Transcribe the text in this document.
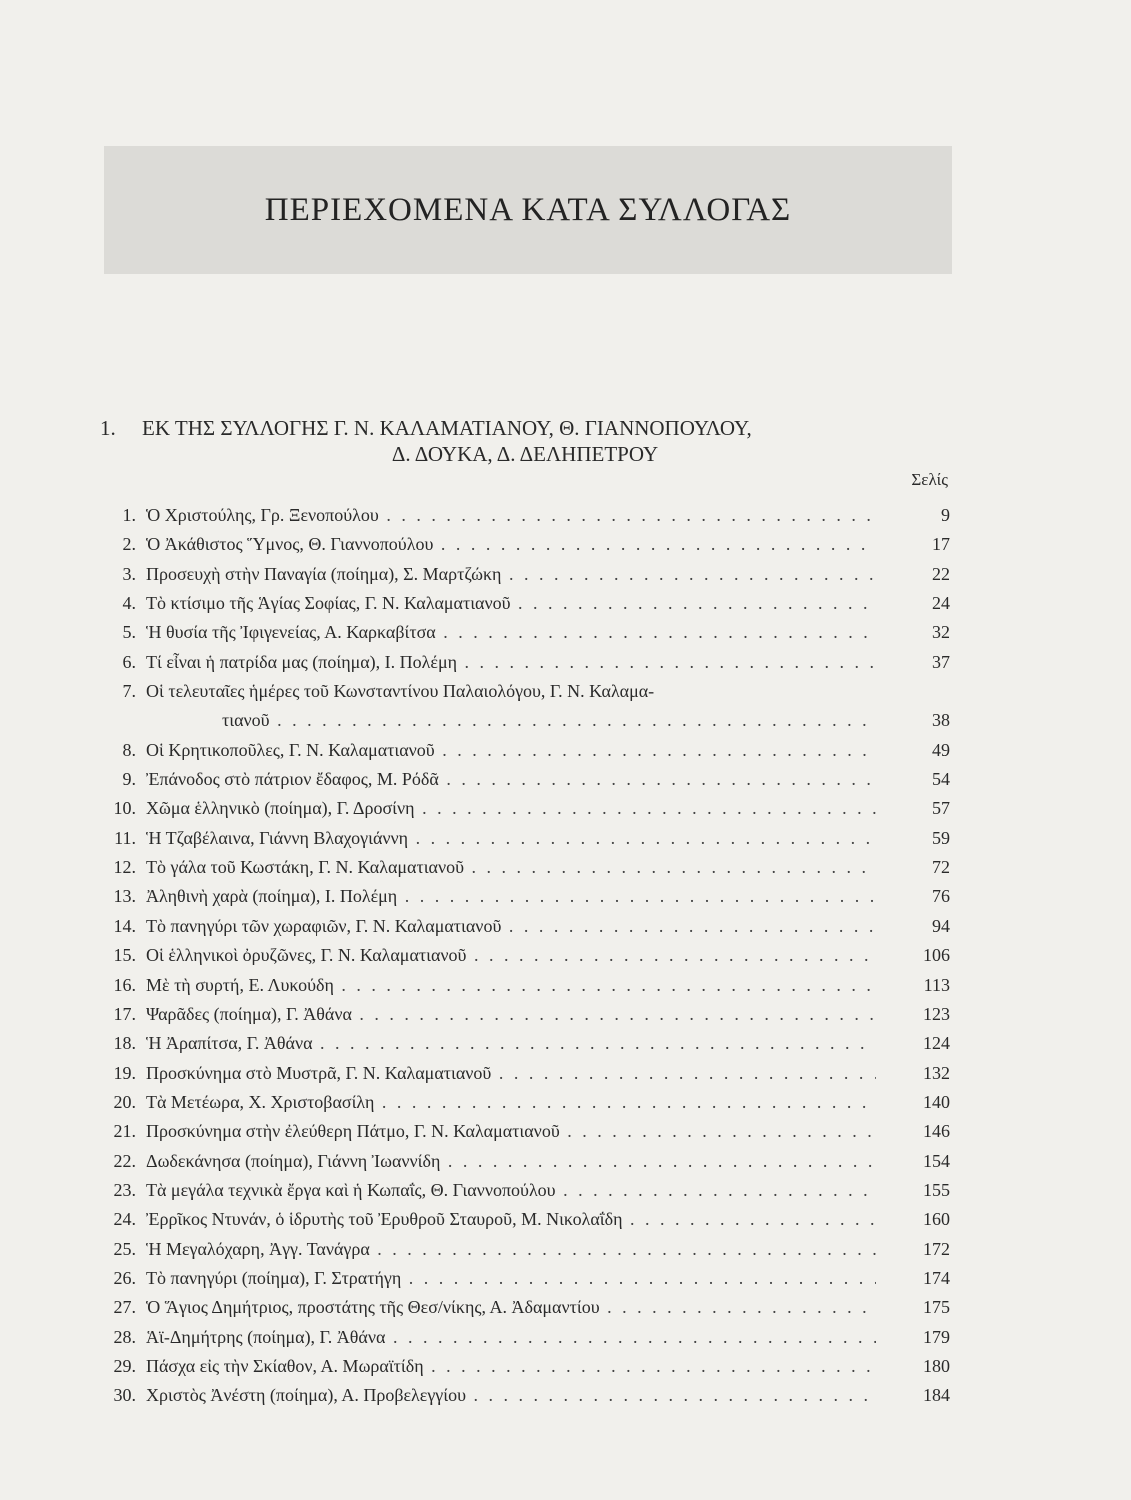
ΠΕΡΙΕΧΟΜΕΝΑ ΚΑΤΑ ΣΥΛΛΟΓΑΣ
1. ΕΚ ΤΗΣ ΣΥΛΛΟΓΗΣ Γ. Ν. ΚΑΛΑΜΑΤΙΑΝΟΥ, Θ. ΓΙΑΝΝΟΠΟΥΛΟΥ,
Δ. ΔΟΥΚΑ, Δ. ΔΕΛΗΠΕΤΡΟΥ
Σελίς
1. Ὁ Χριστούλης, Γρ. Ξενοπούλου . . .	9
2. Ὁ Ἀκάθιστος Ὕμνος, Θ. Γιαννοπούλου . . .	17
3. Προσευχὴ στὴν Παναγία (ποίημα), Σ. Μαρτζώκη . . .	22
4. Τὸ κτίσιμο τῆς Ἁγίας Σοφίας, Γ. Ν. Καλαματιανοῦ . . .	24
5. Ἡ θυσία τῆς Ἰφιγενείας, Α. Καρκαβίτσα . . .	32
6. Τί εἶναι ἡ πατρίδα μας (ποίημα), Ι. Πολέμη . . .	37
7. Οἱ τελευταῖες ἡμέρες τοῦ Κωνσταντίνου Παλαιολόγου, Γ. Ν. Καλαμα-
τιανοῦ . . .	38
8. Οἱ Κρητικοποῦλες, Γ. Ν. Καλαματιανοῦ . . .	49
9. Ἐπάνοδος στὸ πάτριον ἔδαφος, Μ. Ρόδᾶ . . .	54
10. Χῶμα ἑλληνικὸ (ποίημα), Γ. Δροσίνη . . .	57
11. Ἡ Τζαβέλαινα, Γιάννη Βλαχογιάννη . . .	59
12. Τὸ γάλα τοῦ Κωστάκη, Γ. Ν. Καλαματιανοῦ . . .	72
13. Ἀληθινὴ χαρὰ (ποίημα), Ι. Πολέμη . . .	76
14. Τὸ πανηγύρι τῶν χωραφιῶν, Γ. Ν. Καλαματιανοῦ . . .	94
15. Οἱ ἑλληνικοὶ ὀρυζῶνες, Γ. Ν. Καλαματιανοῦ . . .	106
16. Μὲ τὴ συρτή, Ε. Λυκούδη . . .	113
17. Ψαρᾶδες (ποίημα), Γ. Ἀθάνα . . .	123
18. Ἡ Ἀραπίτσα, Γ. Ἀθάνα . . .	124
19. Προσκύνημα στὸ Μυστρᾶ, Γ. Ν. Καλαματιανοῦ . . .	132
20. Τὰ Μετέωρα, Χ. Χριστοβασίλη . . .	140
21. Προσκύνημα στὴν ἐλεύθερη Πάτμο, Γ. Ν. Καλαματιανοῦ . . .	146
22. Δωδεκάνησα (ποίημα), Γιάννη Ἰωαννίδη . . .	154
23. Τὰ μεγάλα τεχνικὰ ἔργα καὶ ἡ Κωπαΐς, Θ. Γιαννοπούλου . . .	155
24. Ἐρρῖκος Ντυνάν, ὁ ἱδρυτὴς τοῦ Ἐρυθροῦ Σταυροῦ, Μ. Νικολαΐδη . . .	160
25. Ἡ Μεγαλόχαρη, Ἀγγ. Τανάγρα . . .	172
26. Τὸ πανηγύρι (ποίημα), Γ. Στρατήγη . . .	174
27. Ὁ Ἅγιος Δημήτριος, προστάτης τῆς Θεσ/νίκης, Α. Ἀδαμαντίου . . .	175
28. Ἁϊ-Δημήτρης (ποίημα), Γ. Ἀθάνα . . .	179
29. Πάσχα εἰς τὴν Σκίαθον, Α. Μωραϊτίδη . . .	180
30. Χριστὸς Ἀνέστη (ποίημα), Α. Προβελεγγίου . . .	184
